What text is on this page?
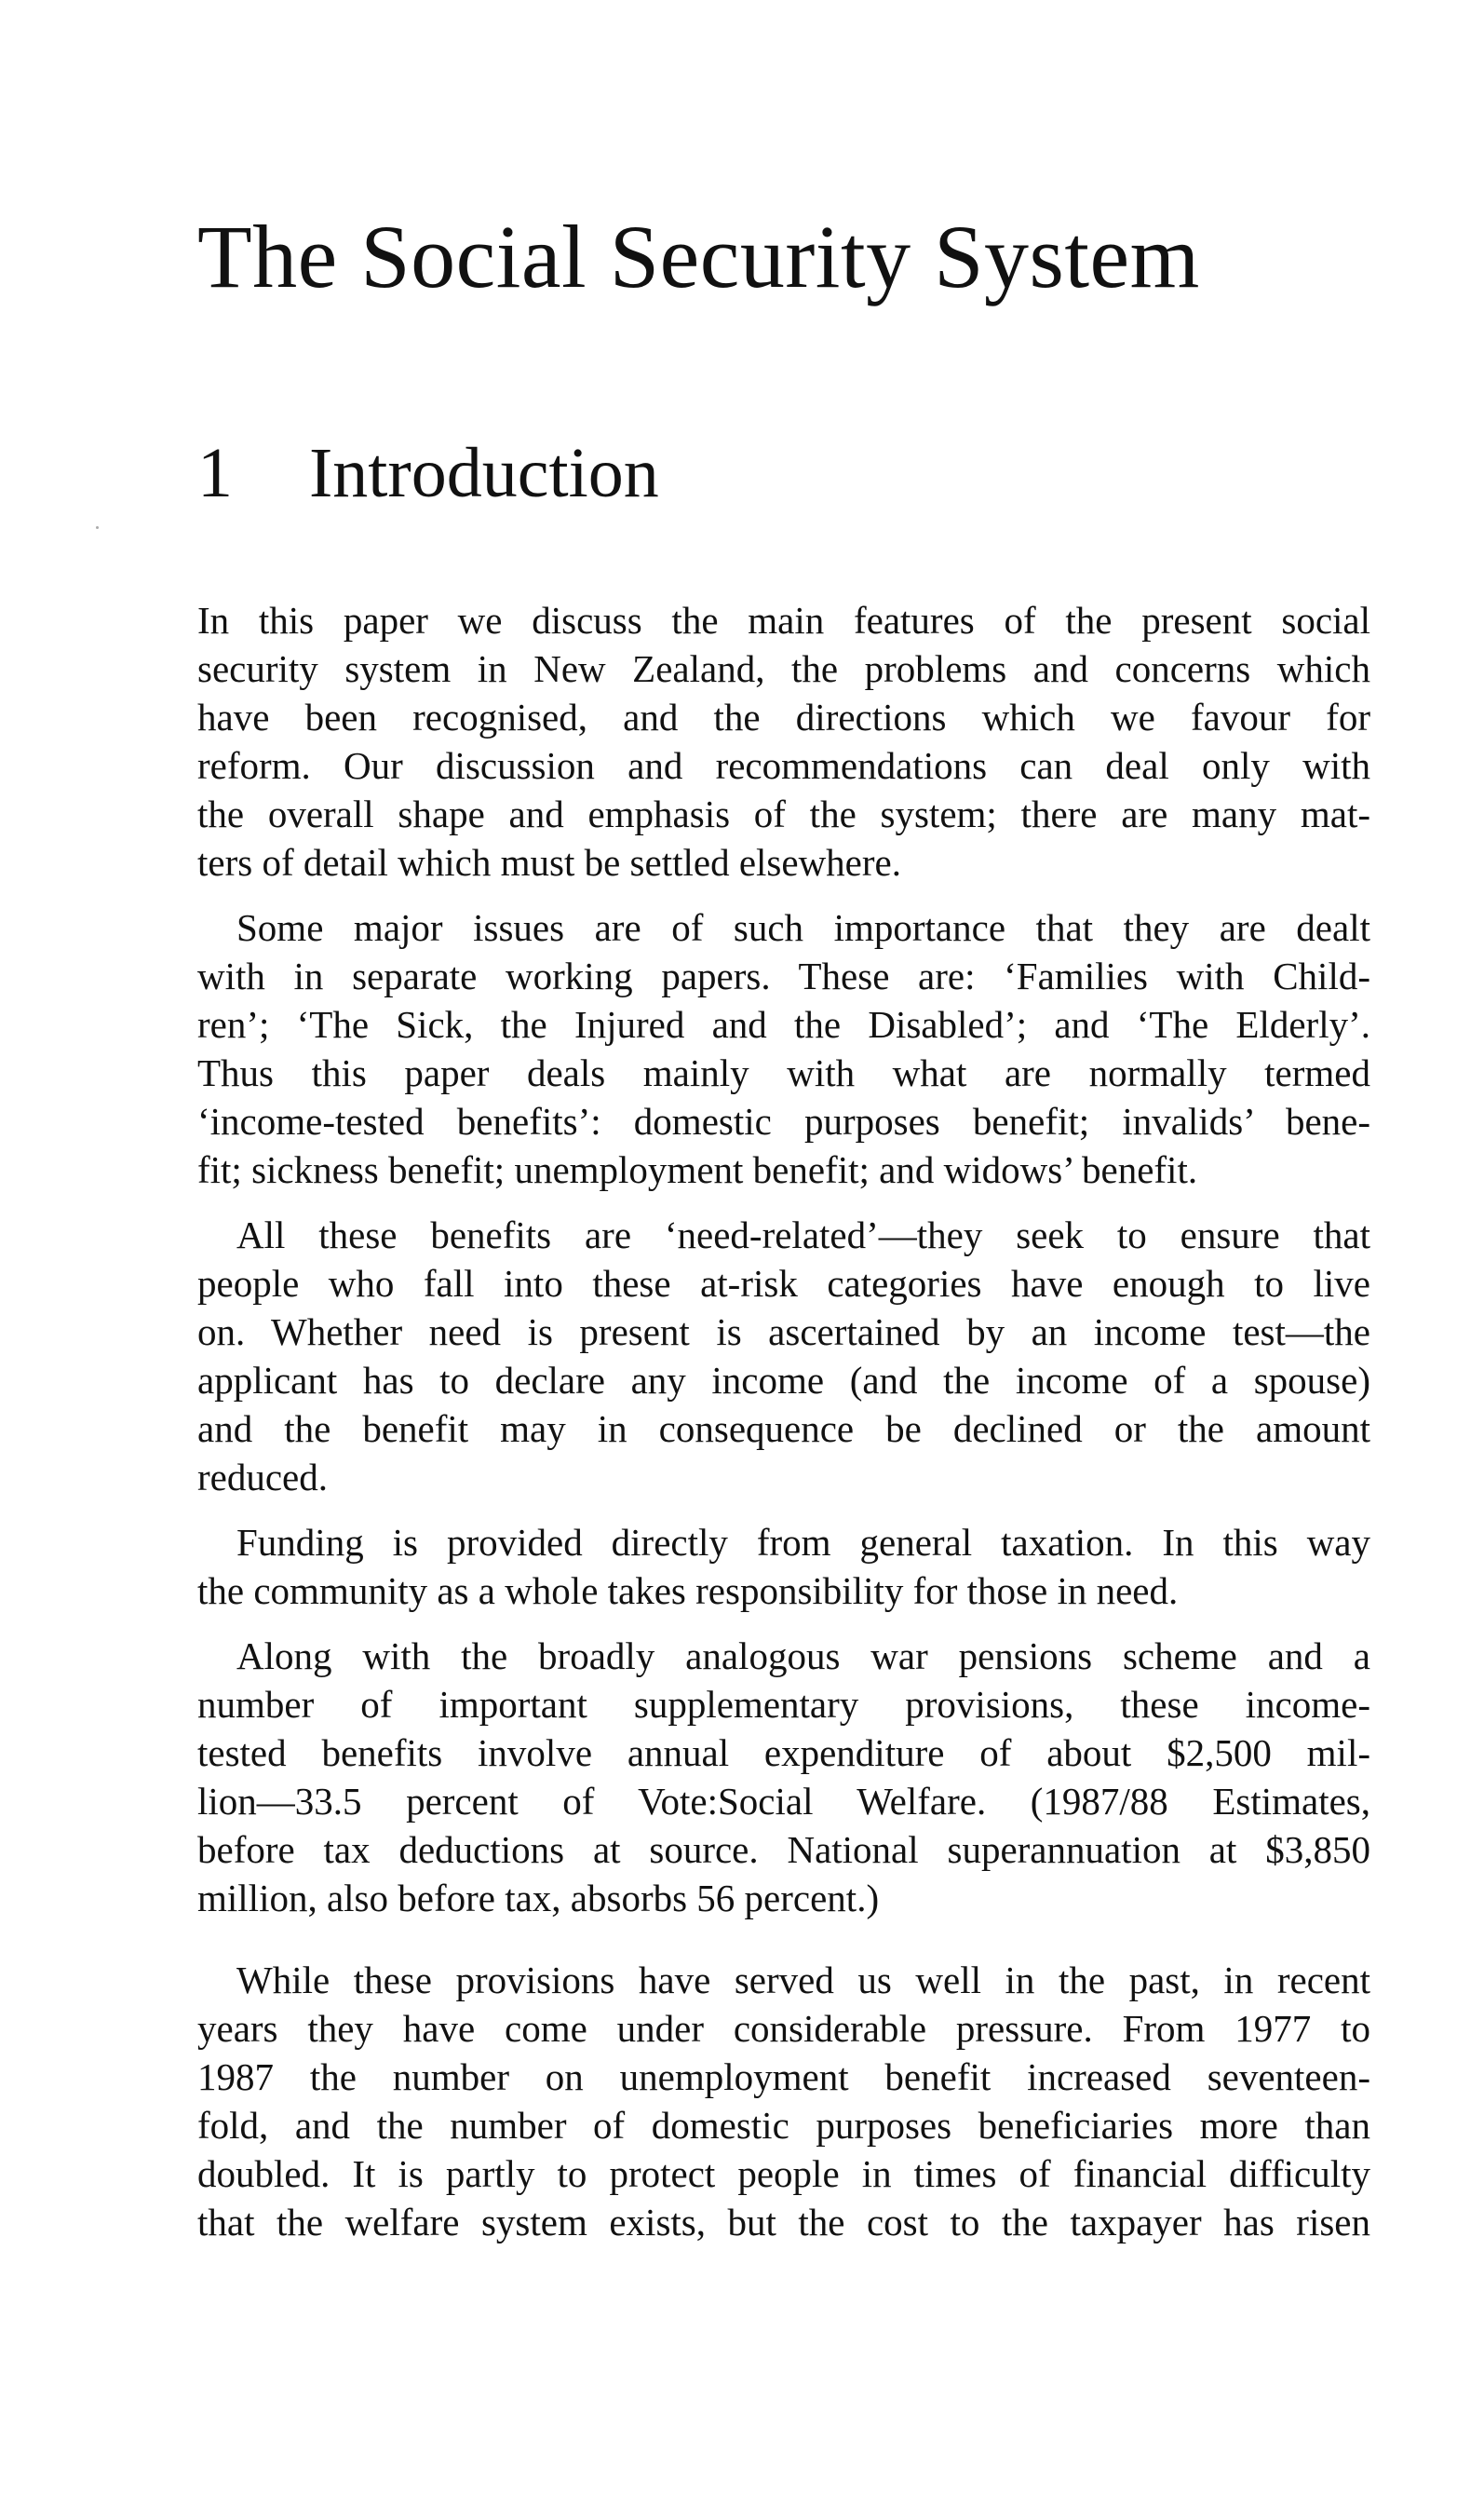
The Social Security System
1 Introduction

In this paper we discuss the main features of the present social
security system in New Zealand, the problems and concerns which
have been recognised, and the directions which we favour for
reform. Our discussion and recommendations can deal only with
the overall shape and emphasis of the system; there are many mat-
ters of detail which must be settled elsewhere.

Some major issues are of such importance that they are dealt
with in separate working papers. These are: ‘Families with Child-
ren’; ‘The Sick, the Injured and the Disabled’; and ‘The Elderly’.
Thus this paper deals mainly with what are normally termed
‘income-tested benefits’: domestic purposes benefit; invalids’ bene-
fit; sickness benefit; unemployment benefit; and widows’ benefit.

All these benefits are ‘need-related’—they seek to ensure that
people who fall into these at-risk categories have enough to live
on. Whether need is present is ascertained by an income test—the
applicant has to declare any income (and the income of a spouse)
and the benefit may in consequence be declined or the amount
reduced.

Funding is provided directly from general taxation. In this way
the community as a whole takes responsibility for those in need.

Along with the broadly analogous war pensions scheme and a
number of important supplementary provisions, these income-
tested benefits involve annual expenditure of about $2,500 mil-
lion—33.5 percent of Vote:Social Welfare. (1987/88 Estimates,
before tax deductions at source. National superannuation at $3,850
million, also before tax, absorbs 56 percent.)

While these provisions have served us well in the past, in recent
years they have come under considerable pressure. From 1977 to
1987 the number on unemployment benefit increased seventeen-
fold, and the number of domestic purposes beneficiaries more than
doubled. It is partly to protect people in times of financial difficulty
that the welfare system exists, but the cost to the taxpayer has risen
